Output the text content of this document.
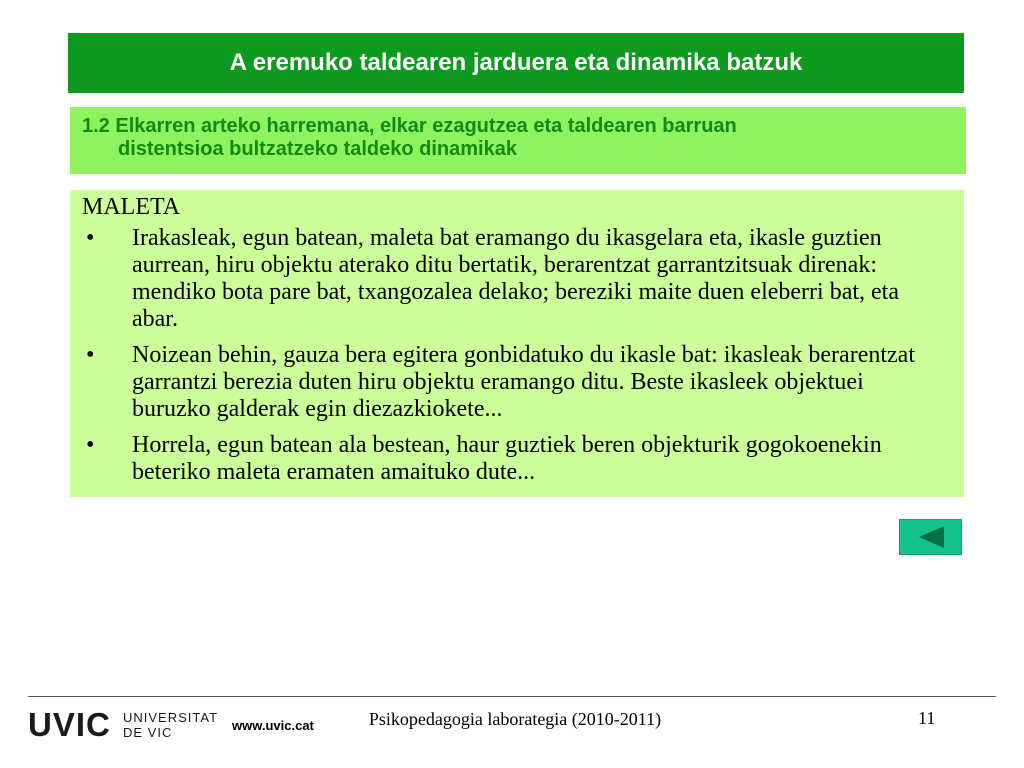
A eremuko taldearen jarduera eta dinamika batzuk
1.2 Elkarren arteko harremana, elkar ezagutzea eta taldearen barruan
distentsioa bultzatzeko taldeko dinamikak
MALETA
• Irakasleak, egun batean, maleta bat eramango du ikasgelara eta, ikasle guztien aurrean, hiru objektu aterako ditu bertatik, berarentzat garrantzitsuak direnak: mendiko bota pare bat, txangozalea delako; bereziki maite duen eleberri bat, eta abar.
• Noizean behin, gauza bera egitera gonbidatuko du ikasle bat: ikasleak berarentzat garrantzi berezia duten hiru objektu eramango ditu. Beste ikasleek objektuei buruzko galderak egin diezazkiokete...
• Horrela, egun batean ala bestean, haur guztiek beren objekturik gogokoenekin beteriko maleta eramaten amaituko dute...
UVIC UNIVERSITAT
DE VIC	www.uvic.cat	Psikopedagogia laborategia (2010-2011)	11
